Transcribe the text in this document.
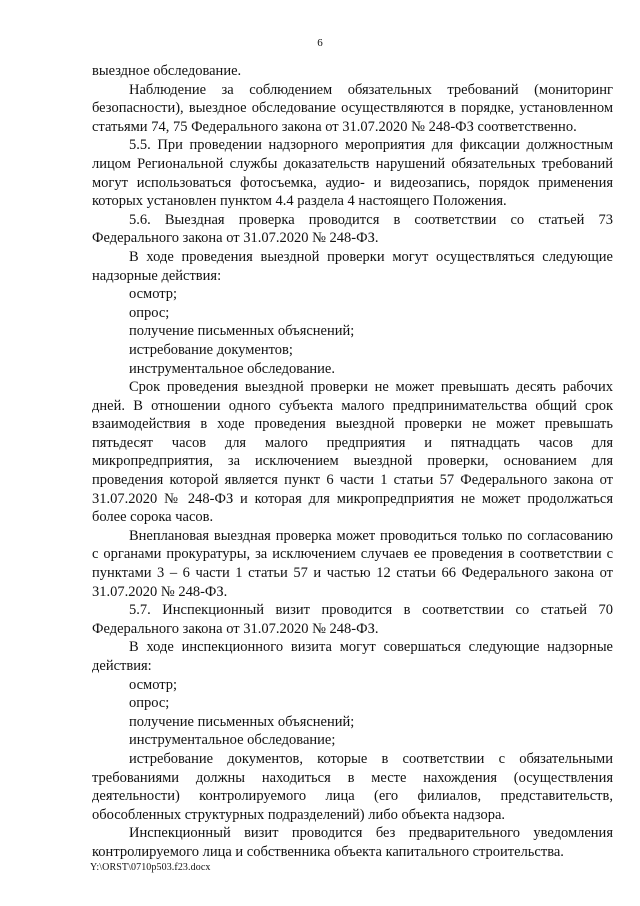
6

выездное обследование.

Наблюдение за соблюдением обязательных требований (мониторинг безопасности), выездное обследование осуществляются в порядке, установленном статьями 74, 75 Федерального закона от 31.07.2020 № 248-ФЗ соответственно.

5.5. При проведении надзорного мероприятия для фиксации должностным лицом Региональной службы доказательств нарушений обязательных требований могут использоваться фотосъемка, аудио- и видеозапись, порядок применения которых установлен пунктом 4.4 раздела 4 настоящего Положения.

5.6. Выездная проверка проводится в соответствии со статьей 73 Федерального закона от 31.07.2020 № 248-ФЗ.

В ходе проведения выездной проверки могут осуществляться следующие надзорные действия:

осмотр;

опрос;

получение письменных объяснений;

истребование документов;

инструментальное обследование.

Срок проведения выездной проверки не может превышать десять рабочих дней. В отношении одного субъекта малого предпринимательства общий срок взаимодействия в ходе проведения выездной проверки не может превышать пятьдесят часов для малого предприятия и пятнадцать часов для микропредприятия, за исключением выездной проверки, основанием для проведения которой является пункт 6 части 1 статьи 57 Федерального закона от 31.07.2020 № 248-ФЗ и которая для микропредприятия не может продолжаться более сорока часов.

Внеплановая выездная проверка может проводиться только по согласованию с органами прокуратуры, за исключением случаев ее проведения в соответствии с пунктами 3 – 6 части 1 статьи 57 и частью 12 статьи 66 Федерального закона от 31.07.2020 № 248-ФЗ.

5.7. Инспекционный визит проводится в соответствии со статьей 70 Федерального закона от 31.07.2020 № 248-ФЗ.

В ходе инспекционного визита могут совершаться следующие надзорные действия:

осмотр;

опрос;

получение письменных объяснений;

инструментальное обследование;

истребование документов, которые в соответствии с обязательными требованиями должны находиться в месте нахождения (осуществления деятельности) контролируемого лица (его филиалов, представительств, обособленных структурных подразделений) либо объекта надзора.

Инспекционный визит проводится без предварительного уведомления контролируемого лица и собственника объекта капитального строительства.

Y:\ORST\0710p503.f23.docx
